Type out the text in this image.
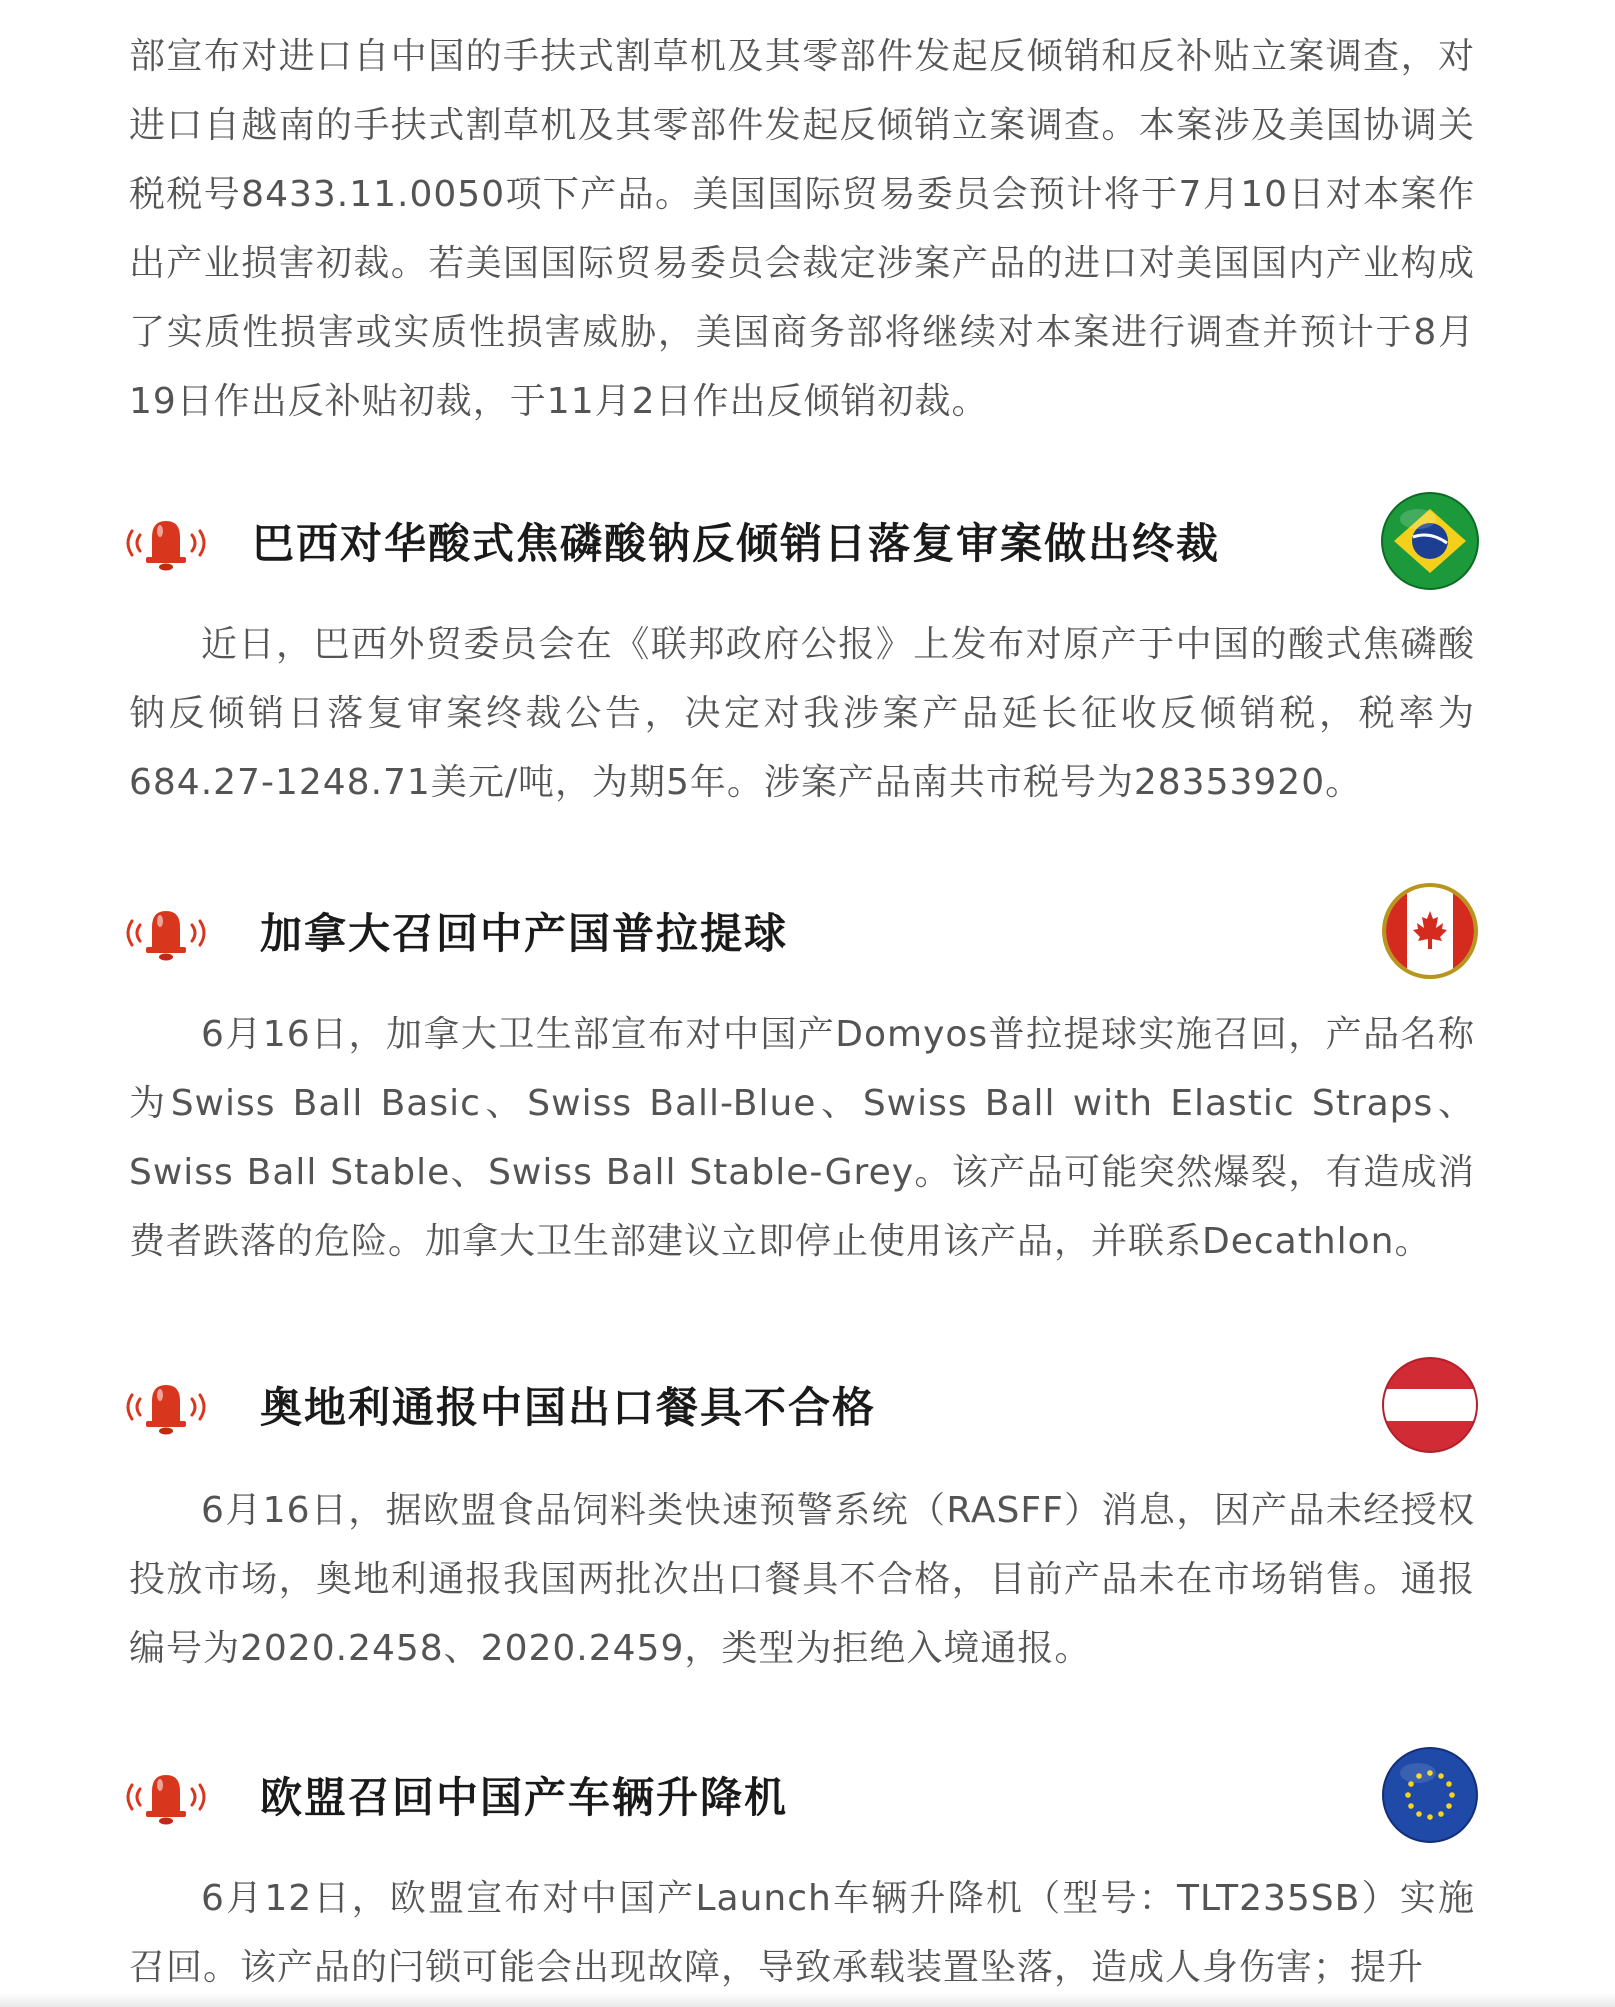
部宣布对进口自中国的手扶式割草机及其零部件发起反倾销和反补贴立案调查，对进口自越南的手扶式割草机及其零部件发起反倾销立案调查。本案涉及美国协调关税税号8433.11.0050项下产品。美国国际贸易委员会预计将于7月10日对本案作出产业损害初裁。若美国国际贸易委员会裁定涉案产品的进口对美国国内产业构成了实质性损害或实质性损害威胁，美国商务部将继续对本案进行调查并预计于8月19日作出反补贴初裁，于11月2日作出反倾销初裁。

巴西对华酸式焦磷酸钠反倾销日落复审案做出终裁

近日，巴西外贸委员会在《联邦政府公报》上发布对原产于中国的酸式焦磷酸钠反倾销日落复审案终裁公告，决定对我涉案产品延长征收反倾销税，税率为684.27-1248.71美元/吨，为期5年。涉案产品南共市税号为28353920。

加拿大召回中产国普拉提球

6月16日，加拿大卫生部宣布对中国产Domyos普拉提球实施召回，产品名称为Swiss Ball Basic、Swiss Ball-Blue、Swiss Ball with Elastic Straps、Swiss Ball Stable、Swiss Ball Stable-Grey。该产品可能突然爆裂，有造成消费者跌落的危险。加拿大卫生部建议立即停止使用该产品，并联系Decathlon。

奥地利通报中国出口餐具不合格

6月16日，据欧盟食品饲料类快速预警系统（RASFF）消息，因产品未经授权投放市场，奥地利通报我国两批次出口餐具不合格，目前产品未在市场销售。通报编号为2020.2458、2020.2459，类型为拒绝入境通报。

欧盟召回中国产车辆升降机

6月12日，欧盟宣布对中国产Launch车辆升降机（型号：TLT235SB）实施召回。该产品的闩锁可能会出现故障，导致承载装置坠落，造成人身伤害；提升
